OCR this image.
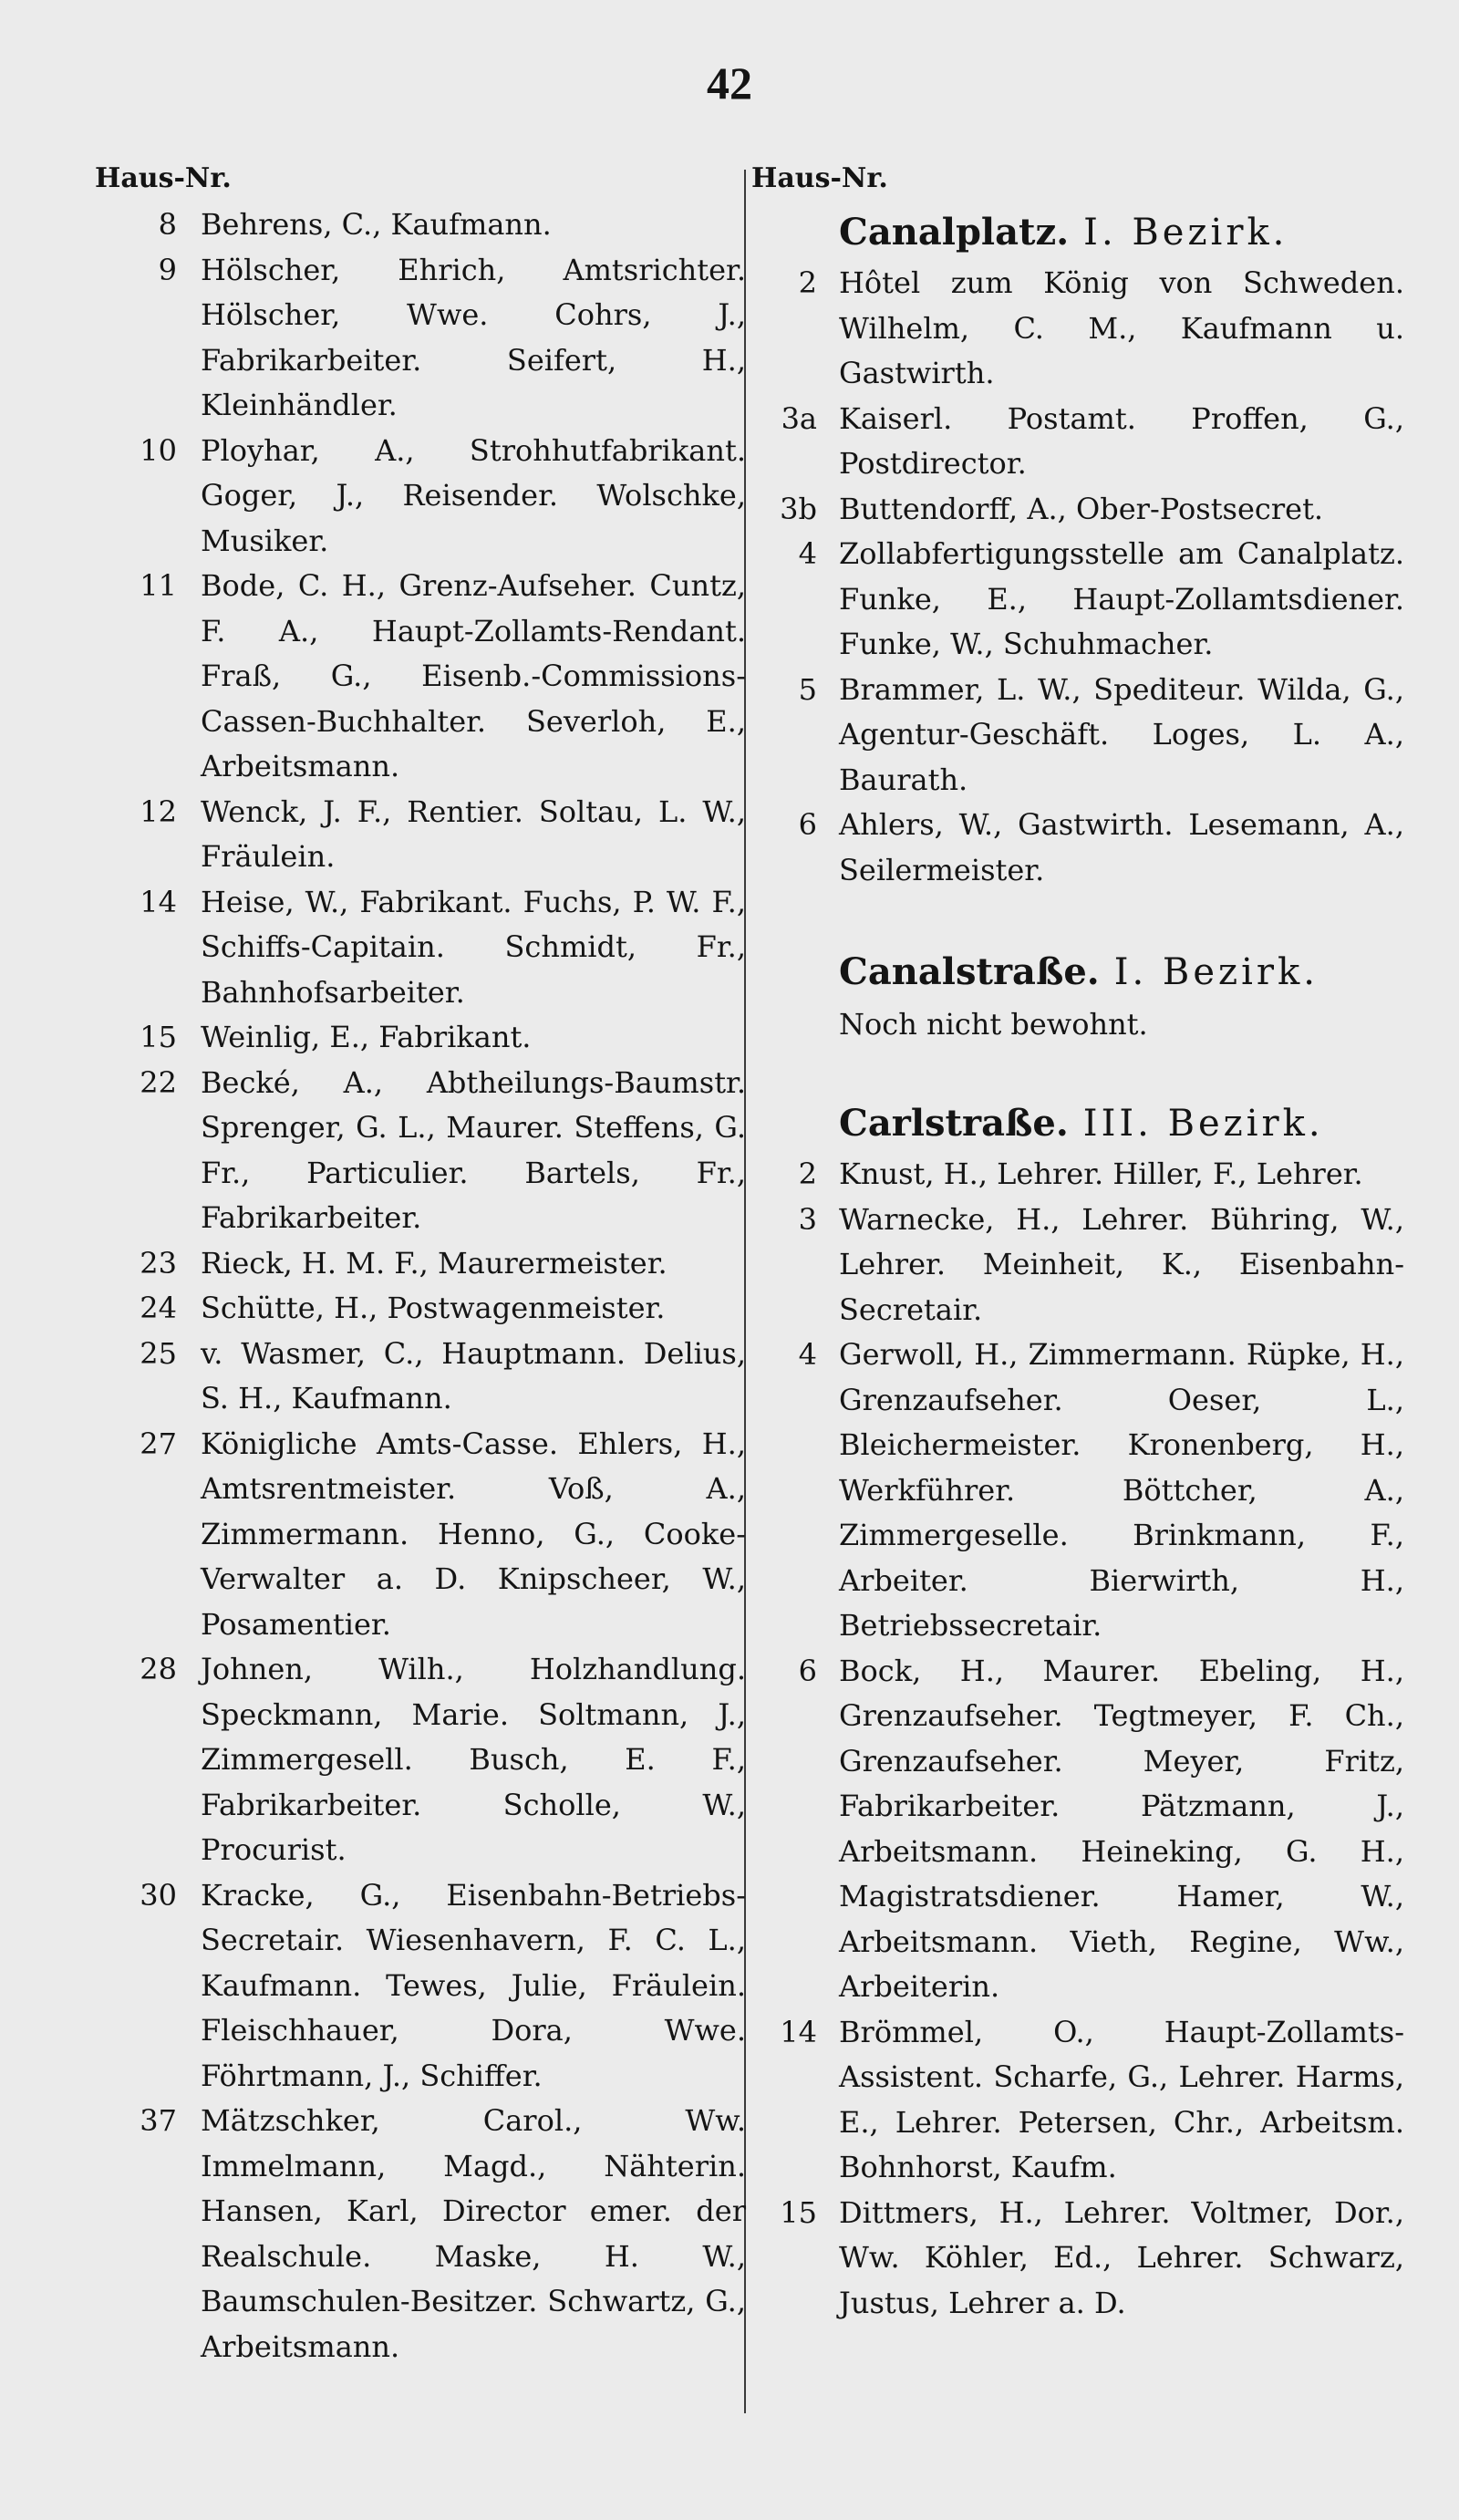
42
Haus-Nr.
8 Behrens, C., Kaufmann.
9 Hölscher, Ehrich, Amtsrichter. Hölscher, Wwe. Cohrs, J., Fabrikarbeiter. Seifert, H., Kleinhändler.
10 Ployhar, A., Strohhutfabrikant. Goger, J., Reisender. Wolschke, Musiker.
11 Bode, C. H., Grenz-Aufseher. Cuntz, F. A., Haupt-Zollamts-Rendant. Fraß, G., Eisenb.-Commissions-Cassen-Buchhalter. Severloh, E., Arbeitsmann.
12 Wenck, J. F., Rentier. Soltau, L. W., Fräulein.
14 Heise, W., Fabrikant. Fuchs, P. W. F., Schiffs-Capitain. Schmidt, Fr., Bahnhofsarbeiter.
15 Weinlig, E., Fabrikant.
22 Becké, A., Abtheilungs-Baumstr. Sprenger, G. L., Maurer. Steffens, G. Fr., Particulier. Bartels, Fr., Fabrikarbeiter.
23 Rieck, H. M. F., Maurermeister.
24 Schütte, H., Postwagenmeister.
25 v. Wasmer, C., Hauptmann. Delius, S. H., Kaufmann.
27 Königliche Amts-Casse. Ehlers, H., Amtsrentmeister. Voß, A., Zimmermann. Henno, G., Cooke-Verwalter a. D. Knipscheer, W., Posamentier.
28 Johnen, Wilh., Holzhandlung. Speckmann, Marie. Soltmann, J., Zimmergesell. Busch, E. F., Fabrikarbeiter. Scholle, W., Procurist.
30 Kracke, G., Eisenbahn-Betriebs-Secretair. Wiesenhavern, F. C. L., Kaufmann. Tewes, Julie, Fräulein. Fleischhauer, Dora, Wwe. Föhrtmann, J., Schiffer.
37 Mätzschker, Carol., Ww. Immelmann, Magd., Nähterin. Hansen, Karl, Director emer. der Realschule. Maske, H. W., Baumschulen-Besitzer. Schwartz, G., Arbeitsmann.
Haus-Nr.
Canalplatz. I. Bezirk.
2 Hôtel zum König von Schweden. Wilhelm, C. M., Kaufmann u. Gastwirth.
3a Kaiserl. Postamt. Proffen, G., Postdirector.
3b Buttendorff, A., Ober-Postsecret.
4 Zollabfertigungsstelle am Canalplatz. Funke, E., Haupt-Zollamtsdiener. Funke, W., Schuhmacher.
5 Brammer, L. W., Spediteur. Wilda, G., Agentur-Geschäft. Loges, L. A., Baurath.
6 Ahlers, W., Gastwirth. Lesemann, A., Seilermeister.
Canalstraße. I. Bezirk.
Noch nicht bewohnt.
Carlstraße. III. Bezirk.
2 Knust, H., Lehrer. Hiller, F., Lehrer.
3 Warnecke, H., Lehrer. Bühring, W., Lehrer. Meinheit, K., Eisenbahn-Secretair.
4 Gerwoll, H., Zimmermann. Rüpke, H., Grenzaufseher. Oeser, L., Bleichermeister. Kronenberg, H., Werkführer. Böttcher, A., Zimmergeselle. Brinkmann, F., Arbeiter. Bierwirth, H., Betriebssecretair.
6 Bock, H., Maurer. Ebeling, H., Grenzaufseher. Tegtmeyer, F. Ch., Grenzaufseher. Meyer, Fritz, Fabrikarbeiter. Pätzmann, J., Arbeitsmann. Heineking, G. H., Magistratsdiener. Hamer, W., Arbeitsmann. Vieth, Regine, Ww., Arbeiterin.
14 Brömmel, O., Haupt-Zollamts-Assistent. Scharfe, G., Lehrer. Harms, E., Lehrer. Petersen, Chr., Arbeitsm. Bohnhorst, Kaufm.
15 Dittmers, H., Lehrer. Voltmer, Dor., Ww. Köhler, Ed., Lehrer. Schwarz, Justus, Lehrer a. D.
